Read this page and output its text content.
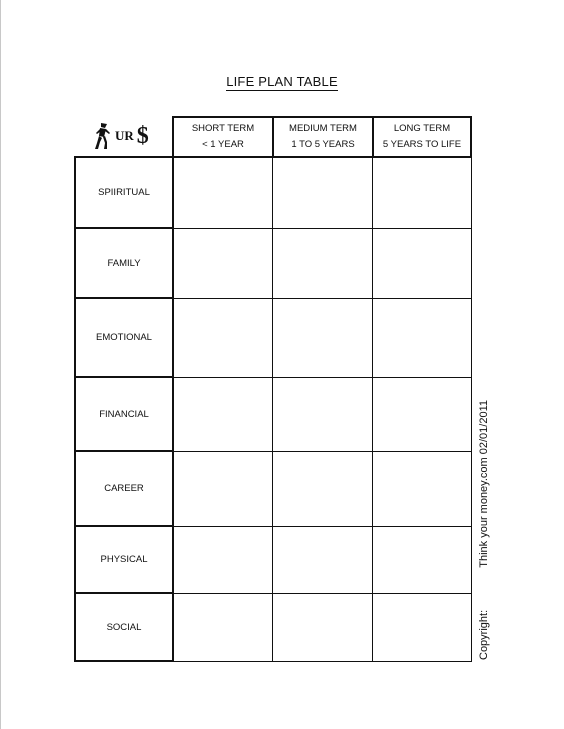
LIFE PLAN TABLE
UR $	SHORT TERM
< 1 YEAR
MEDIUM TERM
1 TO 5 YEARS
LONG TERM
5 YEARS TO LIFE
SPIIRITUAL
FAMILY
EMOTIONAL
FINANCIAL
CAREER
PHYSICAL
SOCIAL	Copyright:
Think your money.com 02/01/2011
